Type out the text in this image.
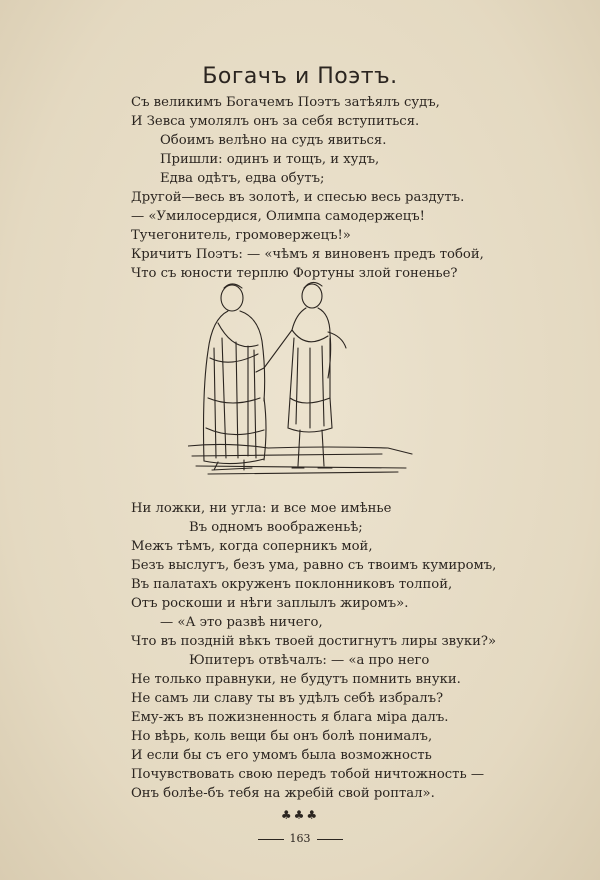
Богачъ и Поэтъ.
Съ великимъ Богачемъ Поэтъ затѣялъ судъ,
И Зевса умолялъ онъ за себя вступиться.
Обоимъ велѣно на судъ явиться.
Пришли: одинъ и тощъ, и худъ,
Едва одѣтъ, едва обутъ;
Другой—весь въ золотѣ, и спесью весь раздутъ.
— «Умилосердися, Олимпа самодержецъ!
Тучегонитель, громовержецъ!»
Кричитъ Поэтъ: — «чѣмъ я виновенъ предъ тобой,
Что съ юности терплю Фортуны злой гоненье?
Ни ложки, ни угла: и все мое имѣнье
Въ одномъ воображеньѣ;
Межъ тѣмъ, когда соперникъ мой,
Безъ выслугъ, безъ ума, равно съ твоимъ кумиромъ,
Въ палатахъ окруженъ поклонниковъ толпой,
Отъ роскоши и нѣги заплылъ жиромъ».
— «А это развѣ ничего,
Что въ поздній вѣкъ твоей достигнутъ лиры звуки?»
Юпитеръ отвѣчалъ: — «а про него
Не только правнуки, не будутъ помнить внуки.
Не самъ ли славу ты въ удѣлъ себѣ избралъ?
Ему-жъ въ пожизненность я блага міра далъ.
Но вѣрь, коль вещи бы онъ болѣ понималъ,
И если бы съ его умомъ была возможность
Почувствовать свою передъ тобой ничтожность —
Онъ болѣе-бъ тебя на жребій свой роптал».
♣♣♣
163
